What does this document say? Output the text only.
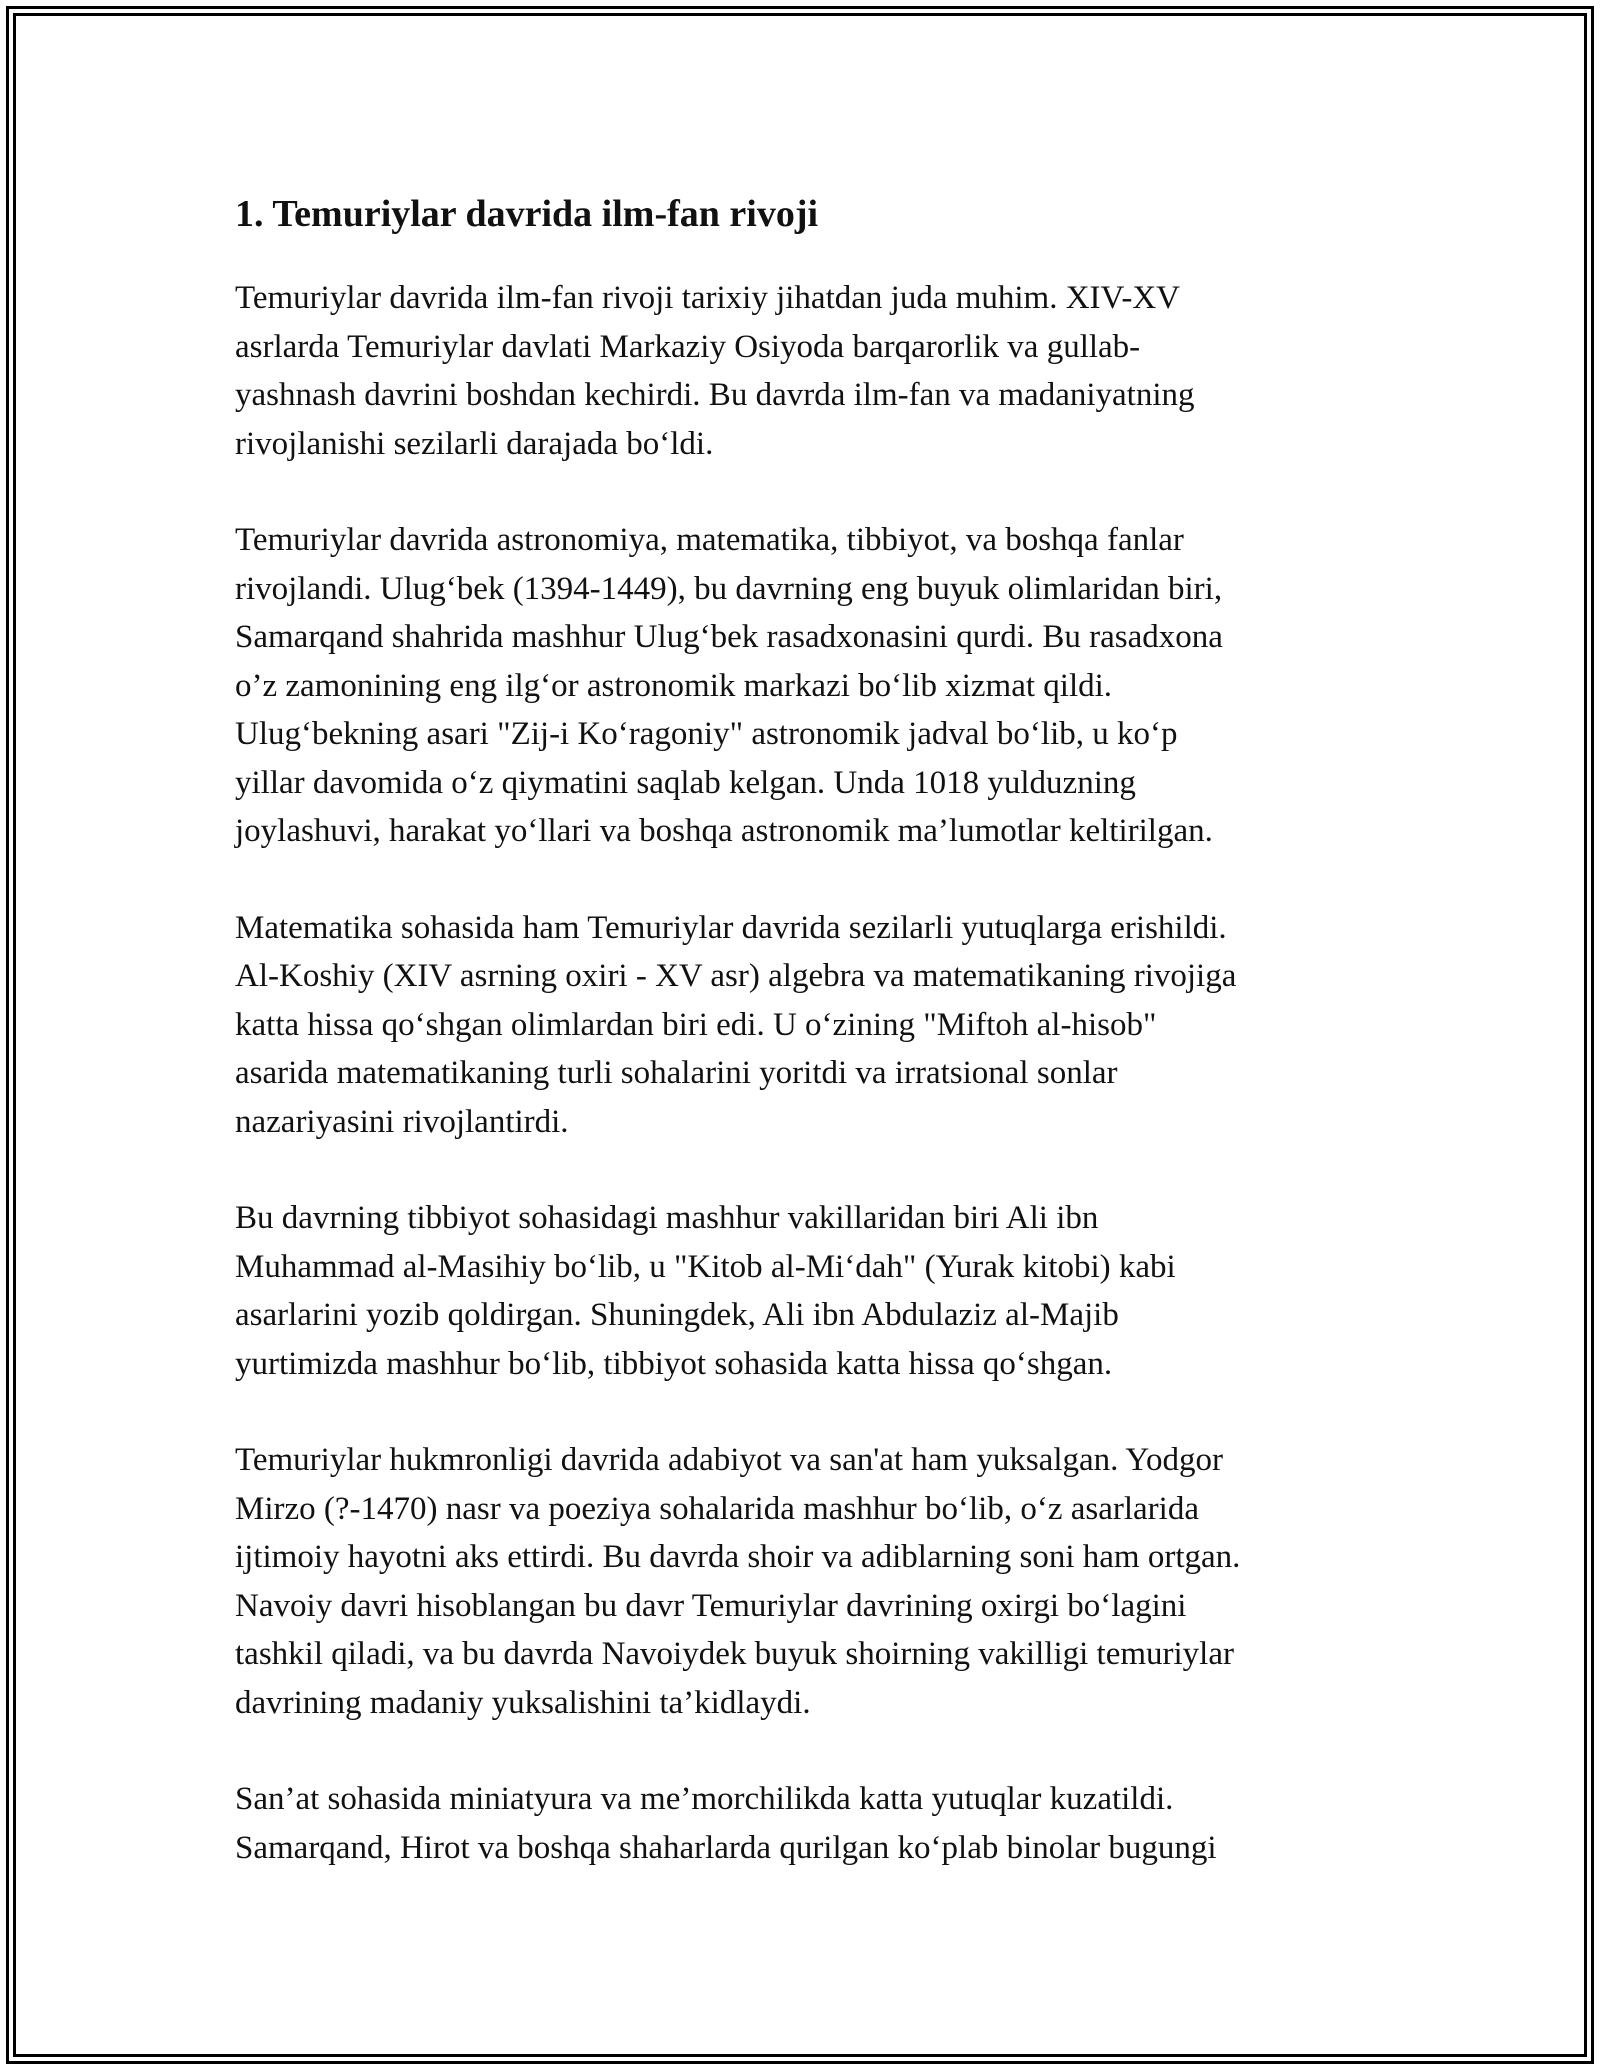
1. Temuriylar davrida ilm-fan rivoji

Temuriylar davrida ilm-fan rivoji tarixiy jihatdan juda muhim. XIV-XV
asrlarda Temuriylar davlati Markaziy Osiyoda barqarorlik va gullab-
yashnash davrini boshdan kechirdi. Bu davrda ilm-fan va madaniyatning
rivojlanishi sezilarli darajada bo‘ldi.

Temuriylar davrida astronomiya, matematika, tibbiyot, va boshqa fanlar
rivojlandi. Ulug‘bek (1394-1449), bu davrning eng buyuk olimlaridan biri,
Samarqand shahrida mashhur Ulug‘bek rasadxonasini qurdi. Bu rasadxona
o’z zamonining eng ilg‘or astronomik markazi bo‘lib xizmat qildi.
Ulug‘bekning asari "Zij-i Ko‘ragoniy" astronomik jadval bo‘lib, u ko‘p
yillar davomida o‘z qiymatini saqlab kelgan. Unda 1018 yulduzning
joylashuvi, harakat yo‘llari va boshqa astronomik ma’lumotlar keltirilgan.

Matematika sohasida ham Temuriylar davrida sezilarli yutuqlarga erishildi.
Al-Koshiy (XIV asrning oxiri - XV asr) algebra va matematikaning rivojiga
katta hissa qo‘shgan olimlardan biri edi. U o‘zining "Miftoh al-hisob"
asarida matematikaning turli sohalarini yoritdi va irratsional sonlar
nazariyasini rivojlantirdi.

Bu davrning tibbiyot sohasidagi mashhur vakillaridan biri Ali ibn
Muhammad al-Masihiy bo‘lib, u "Kitob al-Mi‘dah" (Yurak kitobi) kabi
asarlarini yozib qoldirgan. Shuningdek, Ali ibn Abdulaziz al-Majib
yurtimizda mashhur bo‘lib, tibbiyot sohasida katta hissa qo‘shgan.

Temuriylar hukmronligi davrida adabiyot va san'at ham yuksalgan. Yodgor
Mirzo (?-1470) nasr va poeziya sohalarida mashhur bo‘lib, o‘z asarlarida
ijtimoiy hayotni aks ettirdi. Bu davrda shoir va adiblarning soni ham ortgan.
Navoiy davri hisoblangan bu davr Temuriylar davrining oxirgi bo‘lagini
tashkil qiladi, va bu davrda Navoiydek buyuk shoirning vakilligi temuriylar
davrining madaniy yuksalishini ta’kidlaydi.

San’at sohasida miniatyura va me’morchilikda katta yutuqlar kuzatildi.
Samarqand, Hirot va boshqa shaharlarda qurilgan ko‘plab binolar bugungi
